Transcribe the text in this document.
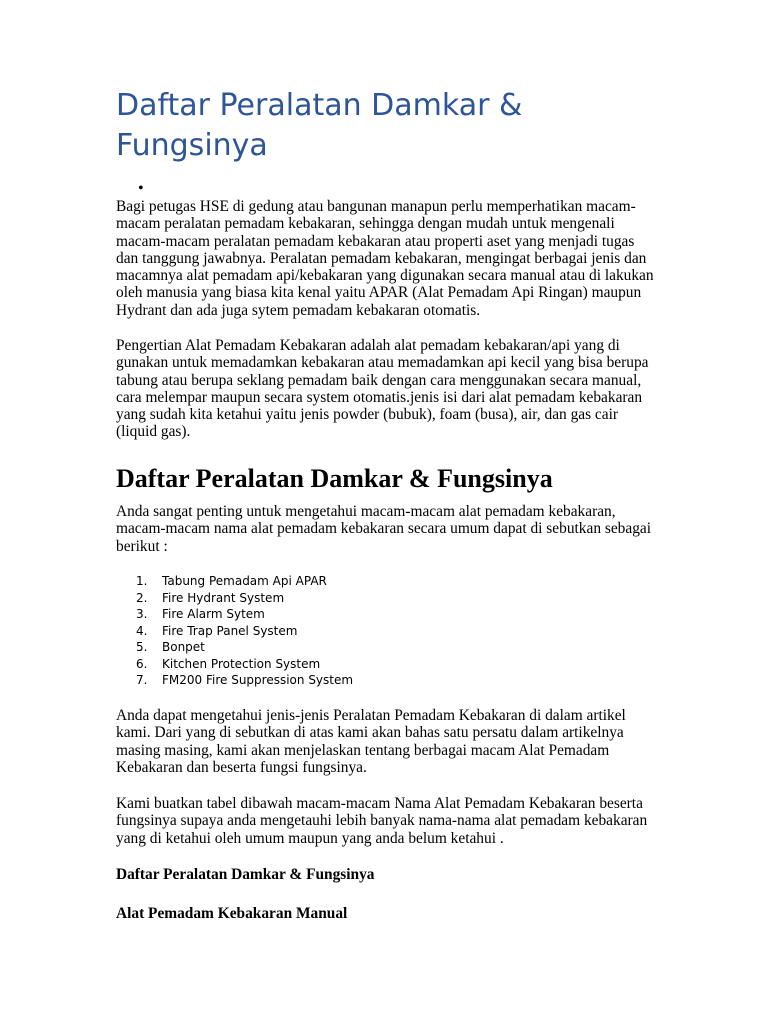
Daftar Peralatan Damkar & Fungsinya
•

Bagi petugas HSE di gedung atau bangunan manapun perlu memperhatikan macam-macam peralatan pemadam kebakaran, sehingga dengan mudah untuk mengenali macam-macam peralatan pemadam kebakaran atau properti aset yang menjadi tugas dan tanggung jawabnya. Peralatan pemadam kebakaran, mengingat berbagai jenis dan macamnya alat pemadam api/kebakaran yang digunakan secara manual atau di lakukan oleh manusia yang biasa kita kenal yaitu APAR (Alat Pemadam Api Ringan) maupun Hydrant dan ada juga sytem pemadam kebakaran otomatis.

Pengertian Alat Pemadam Kebakaran adalah alat pemadam kebakaran/api yang di gunakan untuk memadamkan kebakaran atau memadamkan api kecil yang bisa berupa tabung atau berupa seklang pemadam baik dengan cara menggunakan secara manual, cara melempar maupun secara system otomatis.jenis isi dari alat pemadam kebakaran yang sudah kita ketahui yaitu jenis powder (bubuk), foam (busa), air, dan gas cair (liquid gas).

Daftar Peralatan Damkar & Fungsinya

Anda sangat penting untuk mengetahui macam-macam alat pemadam kebakaran, macam-macam nama alat pemadam kebakaran secara umum dapat di sebutkan sebagai berikut :

1.	Tabung Pemadam Api APAR
2.	Fire Hydrant System
3.	Fire Alarm Sytem
4.	Fire Trap Panel System
5.	Bonpet
6.	Kitchen Protection System
7.	FM200 Fire Suppression System

Anda dapat mengetahui jenis-jenis Peralatan Pemadam Kebakaran di dalam artikel kami. Dari yang di sebutkan di atas kami akan bahas satu persatu dalam artikelnya masing masing, kami akan menjelaskan tentang berbagai macam Alat Pemadam Kebakaran dan beserta fungsi fungsinya.

Kami buatkan tabel dibawah macam-macam Nama Alat Pemadam Kebakaran beserta fungsinya supaya anda mengetauhi lebih banyak nama-nama alat pemadam kebakaran yang di ketahui oleh umum maupun yang anda belum ketahui .

Daftar Peralatan Damkar & Fungsinya

Alat Pemadam Kebakaran Manual
